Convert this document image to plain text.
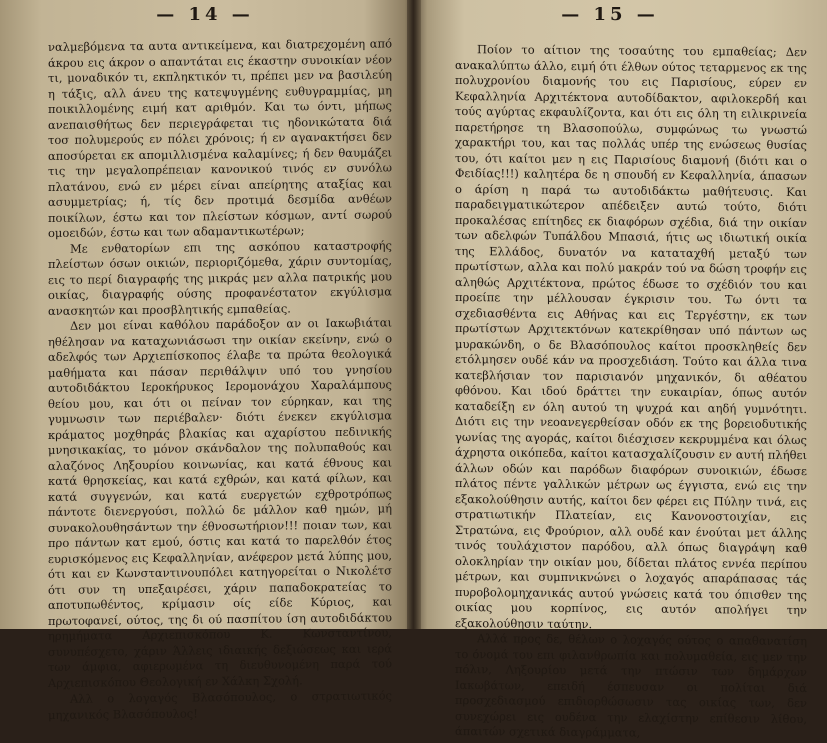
— 14 —

ναλμεβόμενα τα αυτα αντικείμενα, και διατρεχομένη από άκρου εις άκρον ο απαντάται εις έκαστην συνοικίαν νέον τι, μοναδικόν τι, εκπληκτικόν τι, πρέπει μεν να βασιλεύη η τάξις, αλλ άνευ της κατεψυγμένης ευθυγραμμίας, μη ποικιλλομένης ειμή κατ αριθμόν. Και τω όντι, μήπως ανεπαισθήτως δεν περιεγράφεται τις ηδονικώτατα διά τοσ πολυμερούς εν πόλει χρόνοις; ή εν αγανακτήσει δεν αποσύρεται εκ απομιλλισμένα καλαμίνες; ή δεν θαυμάζει τις την μεγαλοπρέπειαν κανονικού τινός εν συνόλω πλατάνου, ενώ εν μέρει είναι απείρητης αταξίας και ασυμμετρίας; ή, τίς δεν προτιμά δεσμίδα ανθέων ποικίλων, έστω και τον πλείστων κόσμων, αντί σωρού ομοειδών, έστω και των αδαμαντικωτέρων;

Με ενθατορίων επι της ασκόπου καταστροφής πλείστων όσων οικιών, περιοριζόμεθα, χάριν συντομίας, εις το περί διαγραφής της μικράς μεν αλλα πατρικής μου οικίας, διαγραφής ούσης προφανέστατον εκγύλισμα ανασκητών και προσβλητικής εμπαθείας.

Δεν μοι είναι καθόλου παράδοξον αν οι Ιακωβιάται ηθέλησαν να καταχωνιάσωσι την οικίαν εκείνην, ενώ ο αδελφός των Αρχιεπίσκοπος έλαβε τα πρώτα θεολογικά μαθήματα και πάσαν περιθάλψιν υπό του γνησίου αυτοδιδάκτου Ιεροκήρυκος Ιερομονάχου Χαραλάμπους θείου μου, και ότι οι πείναν τον εύρηκαν, και της γυμνωσιν των περιέβαλεν· διότι ένεκεν εκγύλισμα κράματος μοχθηράς βλακίας και αχαρίστου πεδινικής μνησικακίας, το μόνον σκάνδαλον της πολυπαθούς και αλαζόνος Ληξουρίου κοινωνίας, και κατά έθνους και κατά θρησκείας, και κατά εχθρών, και κατά φίλων, και κατά συγγενών, και κατά ευεργετών εχθροτρόπως πάντοτε διενεργούσι, πολλώ δε μάλλον καθ ημών, μή συνακολουθησάντων την έθνοσωτήριον!!! ποιαν των, και προ πάντων κατ εμού, όστις και κατά το παρελθόν έτος ευρισκόμενος εις Κεφαλληνίαν, ανέφερον μετά λύπης μου, ότι και εν Κωνσταντινουπόλει κατηγορείται ο Νικολέτσ ότι συν τη υπεξαιρέσει, χάριν παπαδοκρατείας το αποτυπωθέντος, κρίμασιν οίς είδε Κύριος, και πρωτοφανεί, ούτος, της δι ού πασπίτου ίση αυτοδιδάκτου ηρημήματα Αρχιεπισκόπου Κ. Κωνσταντίνου, συνυπέσχετο, χάριν Άλλεις ιδιαικής δεξιώσεως και ιερά των άμφια, αφιερωμένα τη διευθυνομένη παρά τού Αρχιεπισκόπου Θεολογική εν Χάλκη Σχολή.

Αλλ ο λογαγός Βλασόπουλος, ο στρατιωτικός μηχανικός Βλασόπουλος!

— 15 —

Ποίον το αίτιον της τοσαύτης του εμπαθείας; Δεν ανακαλύπτω άλλο, ειμή ότι έλθων ούτος τεταρμενος εκ της πολυχρονίου διαμονής του εις Παρισίους, εύρεν εν Κεφαλληνία Αρχιτέκτονα αυτοδίδακτον, αφιλοκερδή και τούς αγύρτας εκφαυλίζοντα, και ότι εις όλη τη ειλικρινεία παρετήρησε τη Βλασοπούλω, συμφώνως τω γνωστώ χαρακτήρι του, και τας πολλάς υπέρ της ενώσεως θυσίας του, ότι καίτοι μεν η εις Παρισίους διαμονή (διότι και ο Φειδίας!!!) καλητέρα δε η σπουδή εν Κεφαλληνία, άπασων ο άρίση η παρά τω αυτοδιδάκτω μαθήτευσις. Και παραδειγματικώτερον απέδειξεν αυτώ τούτο, διότι προκαλέσας επίτηδες εκ διαφόρων σχέδια, διά την οικίαν των αδελφών Τυπάλδου Μπασιά, ήτις ως ιδιωτική οικία της Ελλάδος, δυνατόν να καταταχθή μεταξύ των πρωτίστων, αλλα και πολύ μακράν τού να δώση τροφήν εις αληθώς Αρχιτέκτονα, πρώτος έδωσε το σχέδιόν του και προείπε την μέλλουσαν έγκρισιν του. Τω όντι τα σχεδιασθέντα εις Αθήνας και εις Τεργέστην, εκ των πρωτίστων Αρχιτεκτόνων κατεκρίθησαν υπό πάντων ως μυρακώνδη, ο δε Βλασόπουλος καίτοι προσκληθείς δεν ετόλμησεν ουδέ κάν να προσχεδιάση. Τούτο και άλλα τινα κατεβλήσιαν τον παρισιανόν μηχανικόν, δι αθέατου φθόνου. Και ιδού δράττει την ευκαιρίαν, όπως αυτόν καταδείξη εν όλη αυτού τη ψυχρά και αηδή γυμνότητι. Διότι εις την νεοανεγερθείσαν οδόν εκ της βορειοδυτικής γωνίας της αγοράς, καίτοι διέσχισεν κεκρυμμένα και όλως άχρηστα οικόπεδα, καίτοι κατασχαλίζουσιν εν αυτή πλήθει άλλων οδών και παρόδων διαφόρων συνοικιών, έδωσε πλάτος πέντε γαλλικών μέτρων ως έγγιστα, ενώ εις την εξακολούθησιν αυτής, καίτοι δεν φέρει εις Πύλην τινά, εις στρατιωτικήν Πλατείαν, εις Κανονοστοιχίαν, εις Στρατώνα, εις Φρούριον, αλλ ουδέ καν ένούται μετ άλλης τινός τουλάχιστον παρόδου, αλλ όπως διαγράψη καθ ολοκληρίαν την οικίαν μου, δίδεται πλάτος εννέα περίπου μέτρων, και συμπνικνώνει ο λοχαγός απαράπασας τάς πυροβολομηχανικάς αυτού γνώσεις κατά του όπισθεν της οικίας μου κορπίνος, εις αυτόν απολήγει την εξακολούθησιν ταύτην.

Αλλά προς δε, θέλων ο λοχαγός ούτος ο απαθανατίση το όνομά του επι φιλανθρωπία και πολυμαθεία, εις μεν την πόλιν, Ληξουρίου μετά την πτώσιν των δημάρχων Ιακωβάτων, επειδή έσπευσαν οι πολίται διά προσχεδιασμού επιδιορθώσωσιν τας οικίας των, δεν συνεχώρει εις ουδένα την ελαχίστην επίθεσιν λίθου, άπαιτών σχετικά διαγράμματα,
